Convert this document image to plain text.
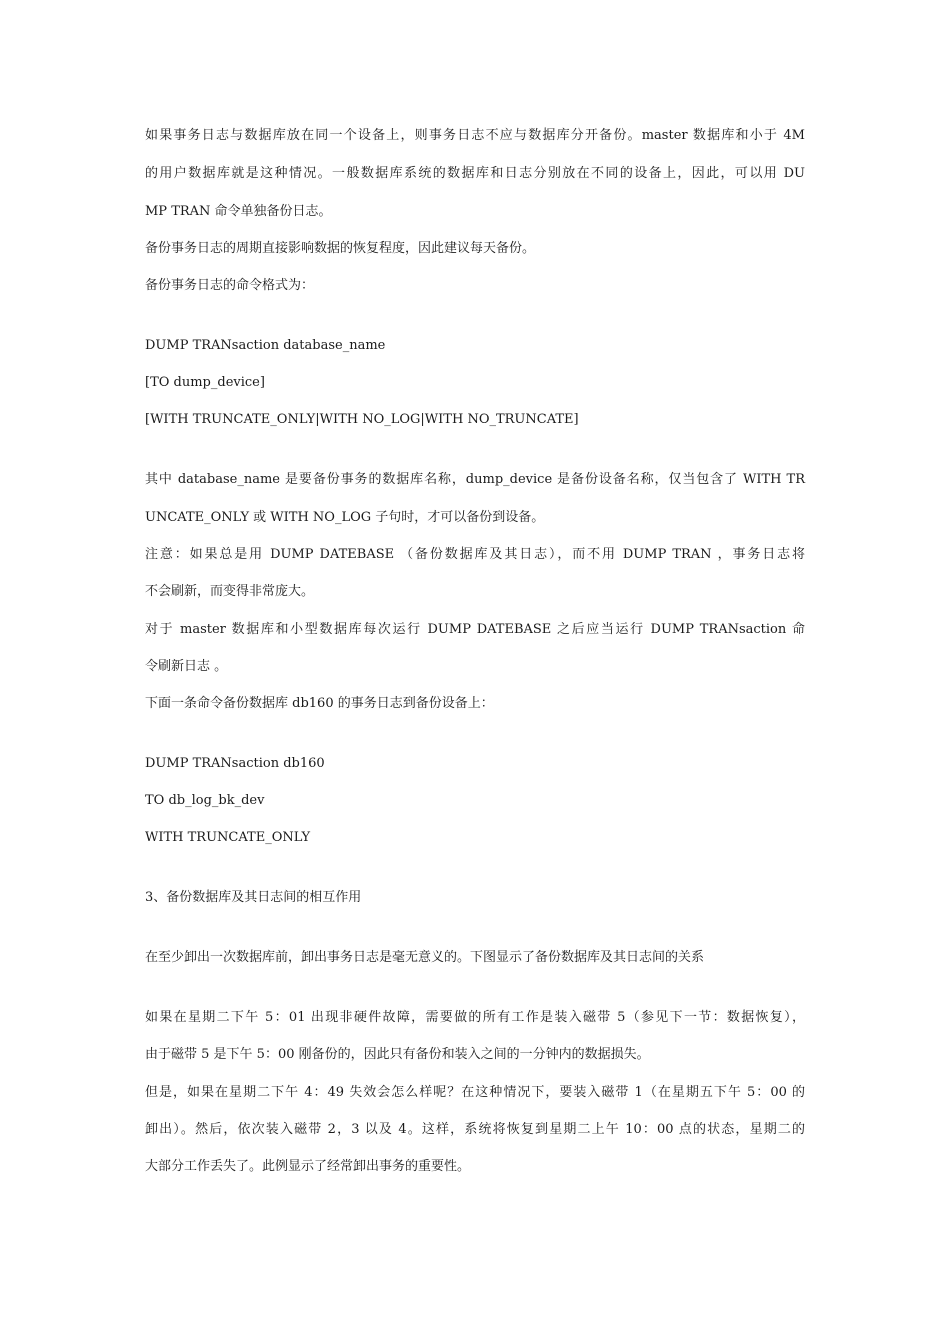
如果事务日志与数据库放在同一个设备上，则事务日志不应与数据库分开备份。master 数据库和小于 4M
的用户数据库就是这种情况。一般数据库系统的数据库和日志分别放在不同的设备上，因此，可以用 DU
MP TRAN 命令单独备份日志。
备份事务日志的周期直接影响数据的恢复程度，因此建议每天备份。
备份事务日志的命令格式为：
DUMP TRANsaction database_name
[TO dump_device]
[WITH TRUNCATE_ONLY|WITH NO_LOG|WITH NO_TRUNCATE]
其中 database_name 是要备份事务的数据库名称，dump_device 是备份设备名称，仅当包含了 WITH TR
UNCATE_ONLY 或 WITH NO_LOG 子句时，才可以备份到设备。
注意：如果总是用 DUMP DATEBASE （备份数据库及其日志），而不用 DUMP TRAN ，事务日志将
不会刷新，而变得非常庞大。
对于 master 数据库和小型数据库每次运行 DUMP DATEBASE 之后应当运行 DUMP TRANsaction 命
令刷新日志 。
下面一条命令备份数据库 db160 的事务日志到备份设备上：
DUMP TRANsaction db160
TO db_log_bk_dev
WITH TRUNCATE_ONLY
3、备份数据库及其日志间的相互作用
在至少卸出一次数据库前，卸出事务日志是毫无意义的。下图显示了备份数据库及其日志间的关系
如果在星期二下午 5：01 出现非硬件故障，需要做的所有工作是装入磁带 5（参见下一节：数据恢复），
由于磁带 5 是下午 5：00 刚备份的，因此只有备份和装入之间的一分钟内的数据损失。
但是，如果在星期二下午 4：49 失效会怎么样呢？在这种情况下，要装入磁带 1（在星期五下午 5：00 的
卸出）。然后，依次装入磁带 2，3 以及 4。这样，系统将恢复到星期二上午 10：00 点的状态，星期二的
大部分工作丢失了。此例显示了经常卸出事务的重要性。
